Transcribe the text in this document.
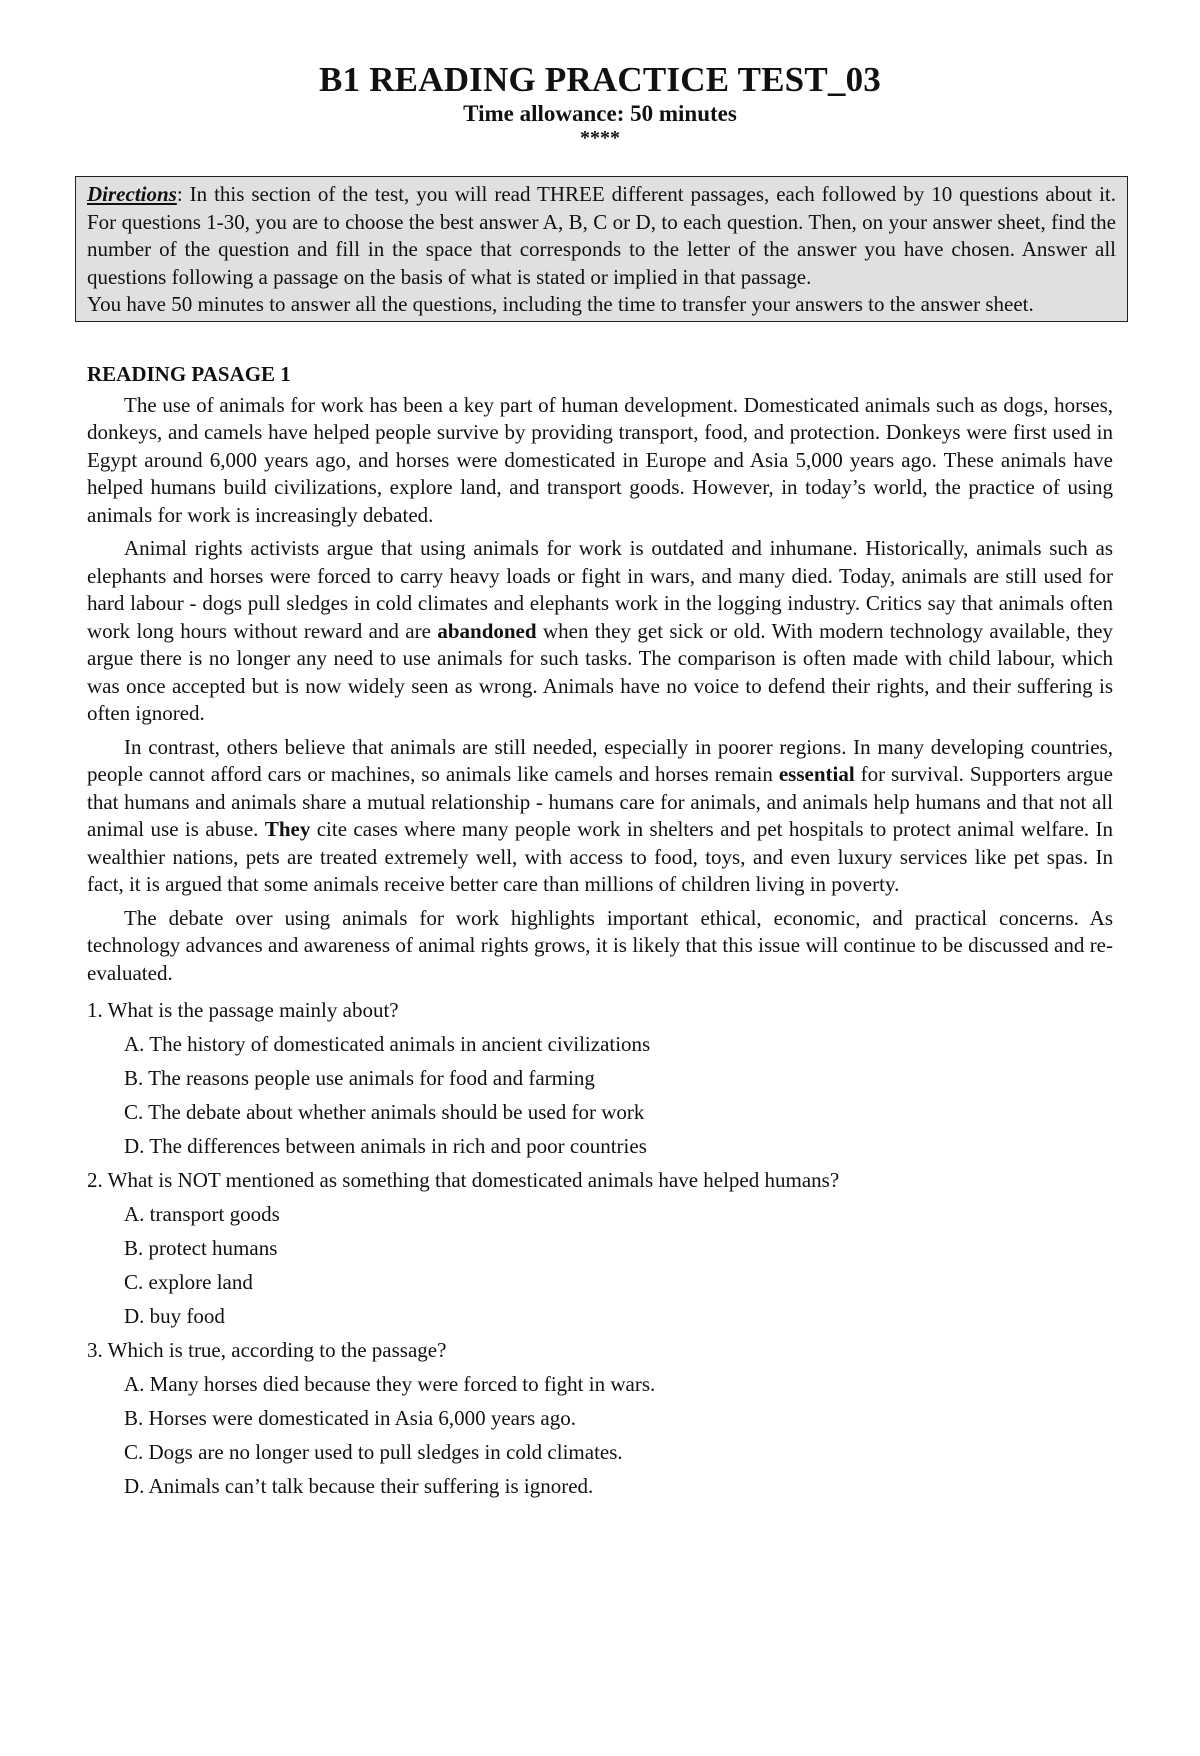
B1 READING PRACTICE TEST_03
Time allowance: 50 minutes
****
Directions: In this section of the test, you will read THREE different passages, each followed by 10 questions about it. For questions 1-30, you are to choose the best answer A, B, C or D, to each question. Then, on your answer sheet, find the number of the question and fill in the space that corresponds to the letter of the answer you have chosen. Answer all questions following a passage on the basis of what is stated or implied in that passage.
You have 50 minutes to answer all the questions, including the time to transfer your answers to the answer sheet.
READING PASAGE 1

The use of animals for work has been a key part of human development. Domesticated animals such as dogs, horses, donkeys, and camels have helped people survive by providing transport, food, and protection. Donkeys were first used in Egypt around 6,000 years ago, and horses were domesticated in Europe and Asia 5,000 years ago. These animals have helped humans build civilizations, explore land, and transport goods. However, in today’s world, the practice of using animals for work is increasingly debated.

Animal rights activists argue that using animals for work is outdated and inhumane. Historically, animals such as elephants and horses were forced to carry heavy loads or fight in wars, and many died. Today, animals are still used for hard labour - dogs pull sledges in cold climates and elephants work in the logging industry. Critics say that animals often work long hours without reward and are abandoned when they get sick or old. With modern technology available, they argue there is no longer any need to use animals for such tasks. The comparison is often made with child labour, which was once accepted but is now widely seen as wrong. Animals have no voice to defend their rights, and their suffering is often ignored.

In contrast, others believe that animals are still needed, especially in poorer regions. In many developing countries, people cannot afford cars or machines, so animals like camels and horses remain essential for survival. Supporters argue that humans and animals share a mutual relationship - humans care for animals, and animals help humans and that not all animal use is abuse. They cite cases where many people work in shelters and pet hospitals to protect animal welfare. In wealthier nations, pets are treated extremely well, with access to food, toys, and even luxury services like pet spas. In fact, it is argued that some animals receive better care than millions of children living in poverty.

The debate over using animals for work highlights important ethical, economic, and practical concerns. As technology advances and awareness of animal rights grows, it is likely that this issue will continue to be discussed and re-evaluated.

1. What is the passage mainly about?
A. The history of domesticated animals in ancient civilizations
B. The reasons people use animals for food and farming
C. The debate about whether animals should be used for work
D. The differences between animals in rich and poor countries
2. What is NOT mentioned as something that domesticated animals have helped humans?
A. transport goods
B. protect humans
C. explore land
D. buy food
3. Which is true, according to the passage?
A. Many horses died because they were forced to fight in wars.
B. Horses were domesticated in Asia 6,000 years ago.
C. Dogs are no longer used to pull sledges in cold climates.
D. Animals can’t talk because their suffering is ignored.
